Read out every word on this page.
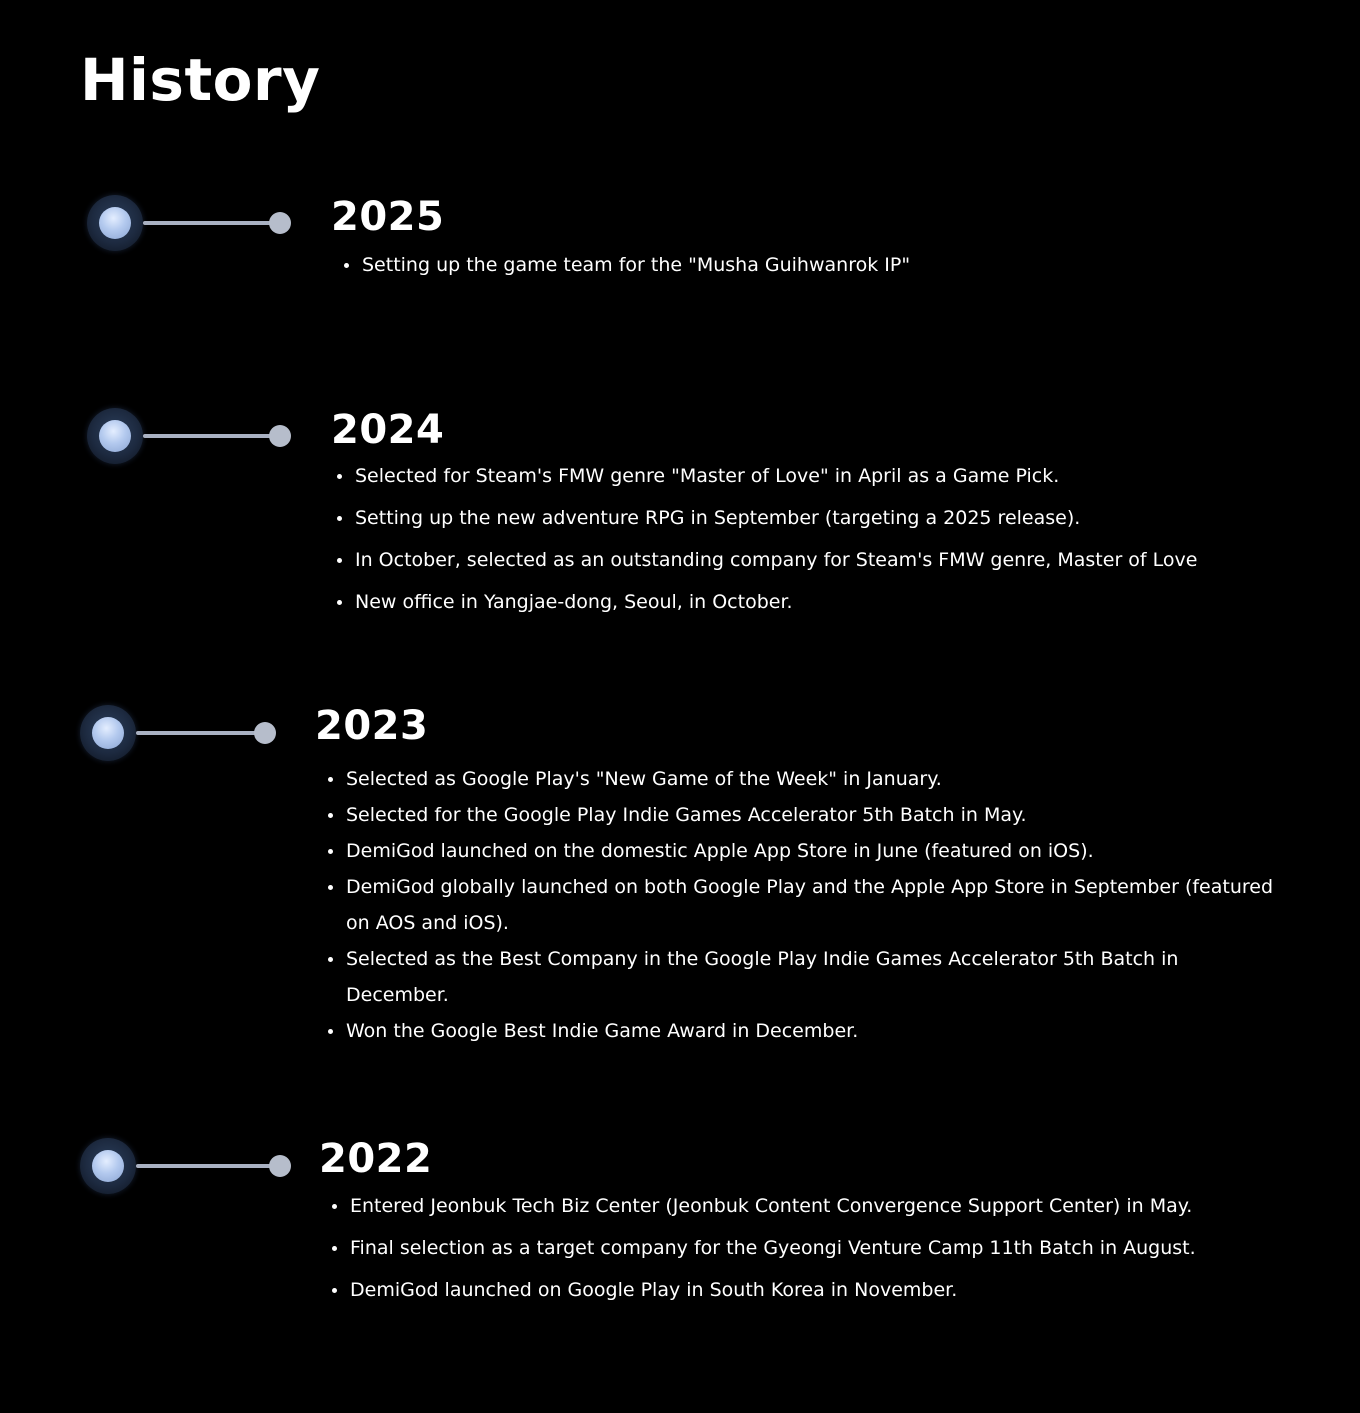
History
2025
Setting up the game team for the "Musha Guihwanrok IP"
2024
Selected for Steam's FMW genre "Master of Love" in April as a Game Pick.
Setting up the new adventure RPG in September (targeting a 2025 release).
In October, selected as an outstanding company for Steam's FMW genre, Master of Love
New office in Yangjae-dong, Seoul, in October.
2023
Selected as Google Play's "New Game of the Week" in January.
Selected for the Google Play Indie Games Accelerator 5th Batch in May.
DemiGod launched on the domestic Apple App Store in June (featured on iOS).
DemiGod globally launched on both Google Play and the Apple App Store in September (featured on AOS and iOS).
Selected as the Best Company in the Google Play Indie Games Accelerator 5th Batch in December.
Won the Google Best Indie Game Award in December.
2022
Entered Jeonbuk Tech Biz Center (Jeonbuk Content Convergence Support Center) in May.
Final selection as a target company for the Gyeongi Venture Camp 11th Batch in August.
DemiGod launched on Google Play in South Korea in November.
